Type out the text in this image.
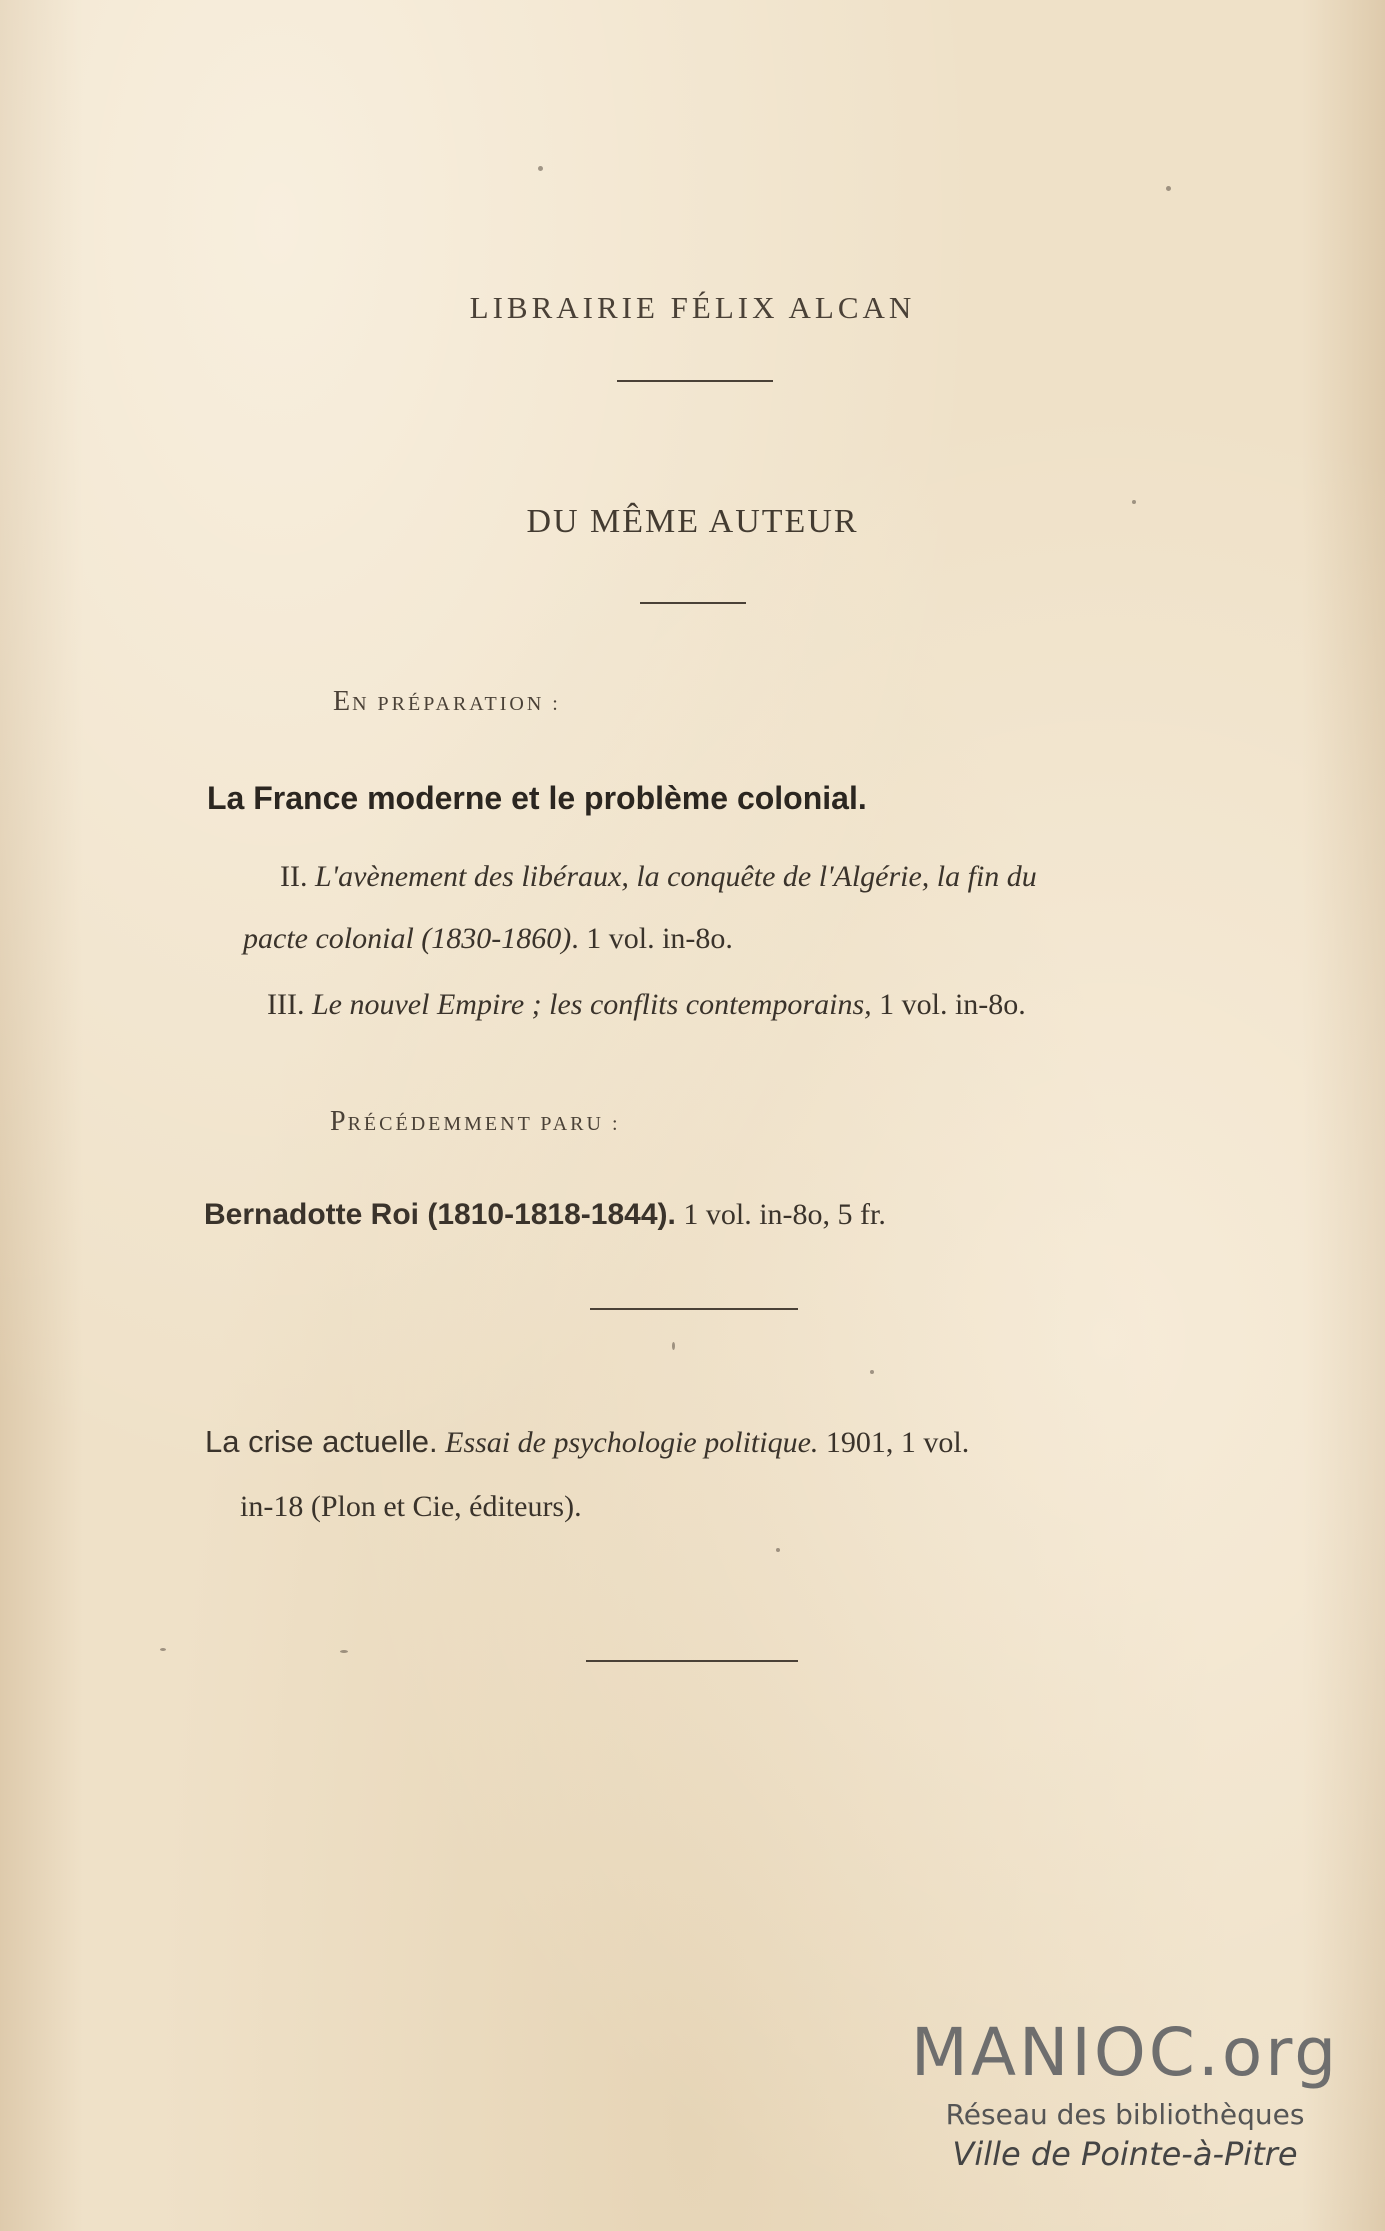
LIBRAIRIE FÉLIX ALCAN
DU MÊME AUTEUR
EN PRÉPARATION :
La France moderne et le problème colonial.
II. L'avènement des libéraux, la conquête de l'Algérie, la fin du
pacte colonial (1830-1860). 1 vol. in-8o.
III. Le nouvel Empire ; les conflits contemporains, 1 vol. in-8o.
PRÉCÉDEMMENT PARU :
Bernadotte Roi (1810-1818-1844). 1 vol. in-8o, 5 fr.
La crise actuelle. Essai de psychologie politique. 1901, 1 vol.
in-18 (Plon et Cie, éditeurs).
MANIOC.org
Réseau des bibliothèques
Ville de Pointe-à-Pitre
